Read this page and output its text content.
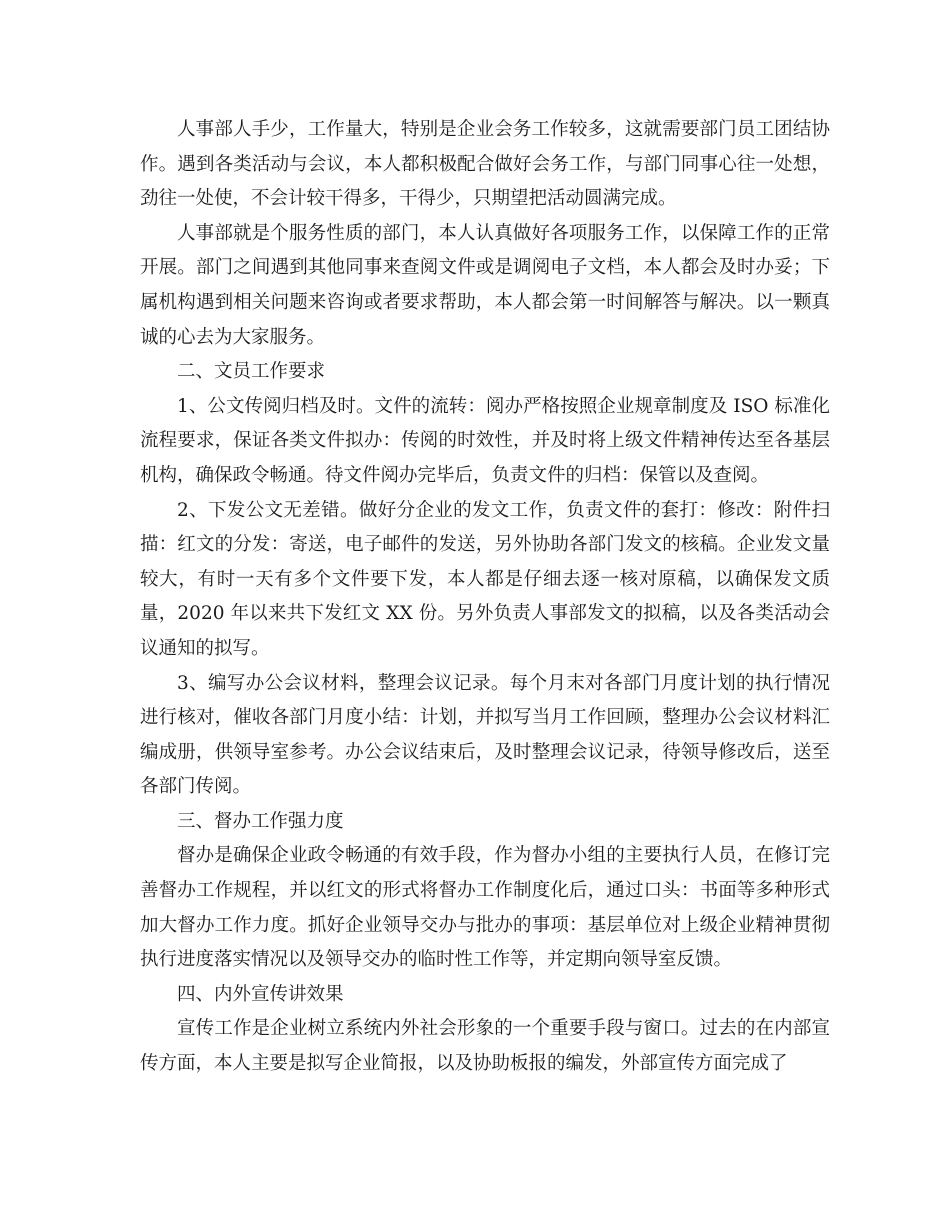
人事部人手少，工作量大，特别是企业会务工作较多，这就需要部门员工团结协作。遇到各类活动与会议，本人都积极配合做好会务工作，与部门同事心往一处想，劲往一处使，不会计较干得多，干得少，只期望把活动圆满完成。

人事部就是个服务性质的部门，本人认真做好各项服务工作，以保障工作的正常开展。部门之间遇到其他同事来查阅文件或是调阅电子文档，本人都会及时办妥；下属机构遇到相关问题来咨询或者要求帮助，本人都会第一时间解答与解决。以一颗真诚的心去为大家服务。

二、文员工作要求

1、公文传阅归档及时。文件的流转：阅办严格按照企业规章制度及 ISO 标准化流程要求，保证各类文件拟办：传阅的时效性，并及时将上级文件精神传达至各基层机构，确保政令畅通。待文件阅办完毕后，负责文件的归档：保管以及查阅。

2、下发公文无差错。做好分企业的发文工作，负责文件的套打：修改：附件扫描：红文的分发：寄送，电子邮件的发送，另外协助各部门发文的核稿。企业发文量较大，有时一天有多个文件要下发，本人都是仔细去逐一核对原稿，以确保发文质量，2020 年以来共下发红文 XX 份。另外负责人事部发文的拟稿，以及各类活动会议通知的拟写。

3、编写办公会议材料，整理会议记录。每个月末对各部门月度计划的执行情况进行核对，催收各部门月度小结：计划，并拟写当月工作回顾，整理办公会议材料汇编成册，供领导室参考。办公会议结束后，及时整理会议记录，待领导修改后，送至各部门传阅。

三、督办工作强力度

督办是确保企业政令畅通的有效手段，作为督办小组的主要执行人员，在修订完善督办工作规程，并以红文的形式将督办工作制度化后，通过口头：书面等多种形式加大督办工作力度。抓好企业领导交办与批办的事项：基层单位对上级企业精神贯彻执行进度落实情况以及领导交办的临时性工作等，并定期向领导室反馈。

四、内外宣传讲效果

宣传工作是企业树立系统内外社会形象的一个重要手段与窗口。过去的在内部宣传方面，本人主要是拟写企业简报，以及协助板报的编发，外部宣传方面完成了
